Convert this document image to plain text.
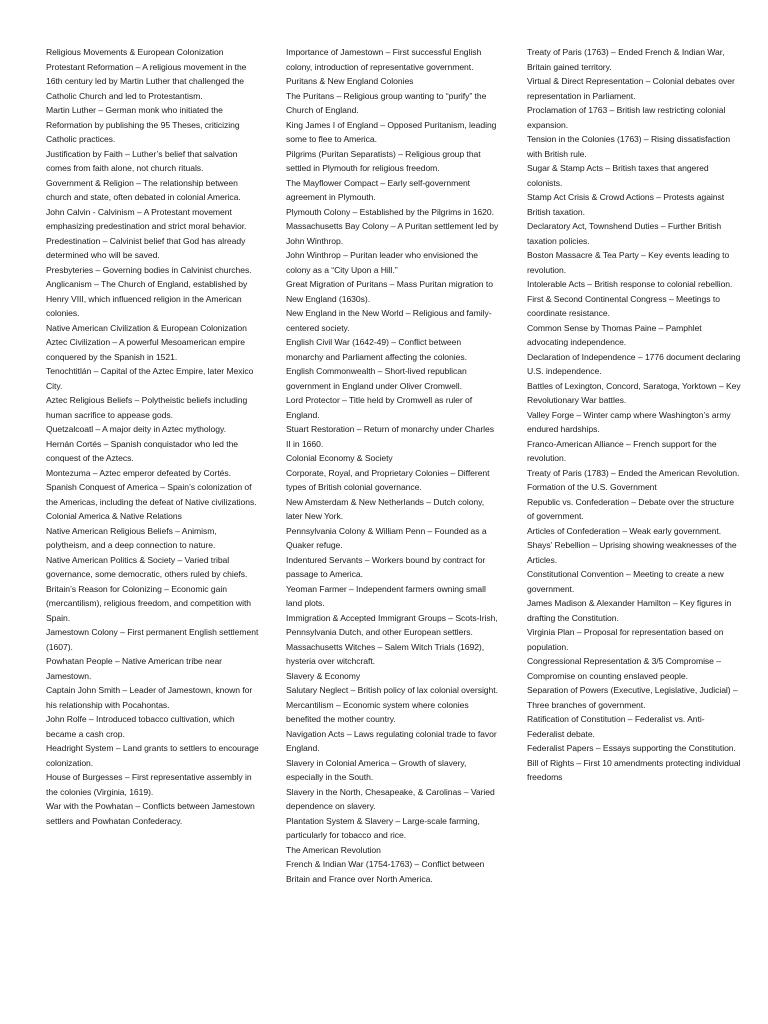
Religious Movements & European Colonization

Protestant Reformation – A religious movement in the 16th century led by Martin Luther that challenged the Catholic Church and led to Protestantism.

Martin Luther – German monk who initiated the Reformation by publishing the 95 Theses, criticizing Catholic practices.

Justification by Faith – Luther’s belief that salvation comes from faith alone, not church rituals.

Government & Religion – The relationship between church and state, often debated in colonial America.

John Calvin - Calvinism – A Protestant movement emphasizing predestination and strict moral behavior.

Predestination – Calvinist belief that God has already determined who will be saved.

Presbyteries – Governing bodies in Calvinist churches.

Anglicanism – The Church of England, established by Henry VIII, which influenced religion in the American colonies.

Native American Civilization & European Colonization

Aztec Civilization – A powerful Mesoamerican empire conquered by the Spanish in 1521.

Tenochtitlán – Capital of the Aztec Empire, later Mexico City.

Aztec Religious Beliefs – Polytheistic beliefs including human sacrifice to appease gods.

Quetzalcoatl – A major deity in Aztec mythology.

Hernán Cortés – Spanish conquistador who led the conquest of the Aztecs.

Montezuma – Aztec emperor defeated by Cortés.

Spanish Conquest of America – Spain’s colonization of the Americas, including the defeat of Native civilizations.

Colonial America & Native Relations

Native American Religious Beliefs – Animism, polytheism, and a deep connection to nature.

Native American Politics & Society – Varied tribal governance, some democratic, others ruled by chiefs.

Britain’s Reason for Colonizing – Economic gain (mercantilism), religious freedom, and competition with Spain.

Jamestown Colony – First permanent English settlement (1607).

Powhatan People – Native American tribe near Jamestown.

Captain John Smith – Leader of Jamestown, known for his relationship with Pocahontas.

John Rolfe – Introduced tobacco cultivation, which became a cash crop.

Headright System – Land grants to settlers to encourage colonization.

House of Burgesses – First representative assembly in the colonies (Virginia, 1619).

War with the Powhatan – Conflicts between Jamestown settlers and Powhatan Confederacy.

Importance of Jamestown – First successful English colony, introduction of representative government.

Puritans & New England Colonies

The Puritans – Religious group wanting to “purify” the Church of England.

King James I of England – Opposed Puritanism, leading some to flee to America.

Pilgrims (Puritan Separatists) – Religious group that settled in Plymouth for religious freedom.

The Mayflower Compact – Early self-government agreement in Plymouth.

Plymouth Colony – Established by the Pilgrims in 1620.

Massachusetts Bay Colony – A Puritan settlement led by John Winthrop.

John Winthrop – Puritan leader who envisioned the colony as a “City Upon a Hill.”

Great Migration of Puritans – Mass Puritan migration to New England (1630s).

New England in the New World – Religious and family-centered society.

English Civil War (1642-49) – Conflict between monarchy and Parliament affecting the colonies.

English Commonwealth – Short-lived republican government in England under Oliver Cromwell.

Lord Protector – Title held by Cromwell as ruler of England.

Stuart Restoration – Return of monarchy under Charles II in 1660.

Colonial Economy & Society

Corporate, Royal, and Proprietary Colonies – Different types of British colonial governance.

New Amsterdam & New Netherlands – Dutch colony, later New York.

Pennsylvania Colony & William Penn – Founded as a Quaker refuge.

Indentured Servants – Workers bound by contract for passage to America.

Yeoman Farmer – Independent farmers owning small land plots.

Immigration & Accepted Immigrant Groups – Scots-Irish, Pennsylvania Dutch, and other European settlers.

Massachusetts Witches – Salem Witch Trials (1692), hysteria over witchcraft.

Slavery & Economy

Salutary Neglect – British policy of lax colonial oversight.

Mercantilism – Economic system where colonies benefited the mother country.

Navigation Acts – Laws regulating colonial trade to favor England.

Slavery in Colonial America – Growth of slavery, especially in the South.

Slavery in the North, Chesapeake, & Carolinas – Varied dependence on slavery.

Plantation System & Slavery – Large-scale farming, particularly for tobacco and rice.

The American Revolution

French & Indian War (1754-1763) – Conflict between Britain and France over North America.

Treaty of Paris (1763) – Ended French & Indian War, Britain gained territory.

Virtual & Direct Representation – Colonial debates over representation in Parliament.

Proclamation of 1763 – British law restricting colonial expansion.

Tension in the Colonies (1763) – Rising dissatisfaction with British rule.

Sugar & Stamp Acts – British taxes that angered colonists.

Stamp Act Crisis & Crowd Actions – Protests against British taxation.

Declaratory Act, Townshend Duties – Further British taxation policies.

Boston Massacre & Tea Party – Key events leading to revolution.

Intolerable Acts – British response to colonial rebellion.

First & Second Continental Congress – Meetings to coordinate resistance.

Common Sense by Thomas Paine – Pamphlet advocating independence.

Declaration of Independence – 1776 document declaring U.S. independence.

Battles of Lexington, Concord, Saratoga, Yorktown – Key Revolutionary War battles.

Valley Forge – Winter camp where Washington’s army endured hardships.

Franco-American Alliance – French support for the revolution.

Treaty of Paris (1783) – Ended the American Revolution.

Formation of the U.S. Government

Republic vs. Confederation – Debate over the structure of government.

Articles of Confederation – Weak early government.

Shays’ Rebellion – Uprising showing weaknesses of the Articles.

Constitutional Convention – Meeting to create a new government.

James Madison & Alexander Hamilton – Key figures in drafting the Constitution.

Virginia Plan – Proposal for representation based on population.

Congressional Representation & 3/5 Compromise – Compromise on counting enslaved people.

Separation of Powers (Executive, Legislative, Judicial) – Three branches of government.

Ratification of Constitution – Federalist vs. Anti-Federalist debate.

Federalist Papers – Essays supporting the Constitution.

Bill of Rights – First 10 amendments protecting individual freedoms
